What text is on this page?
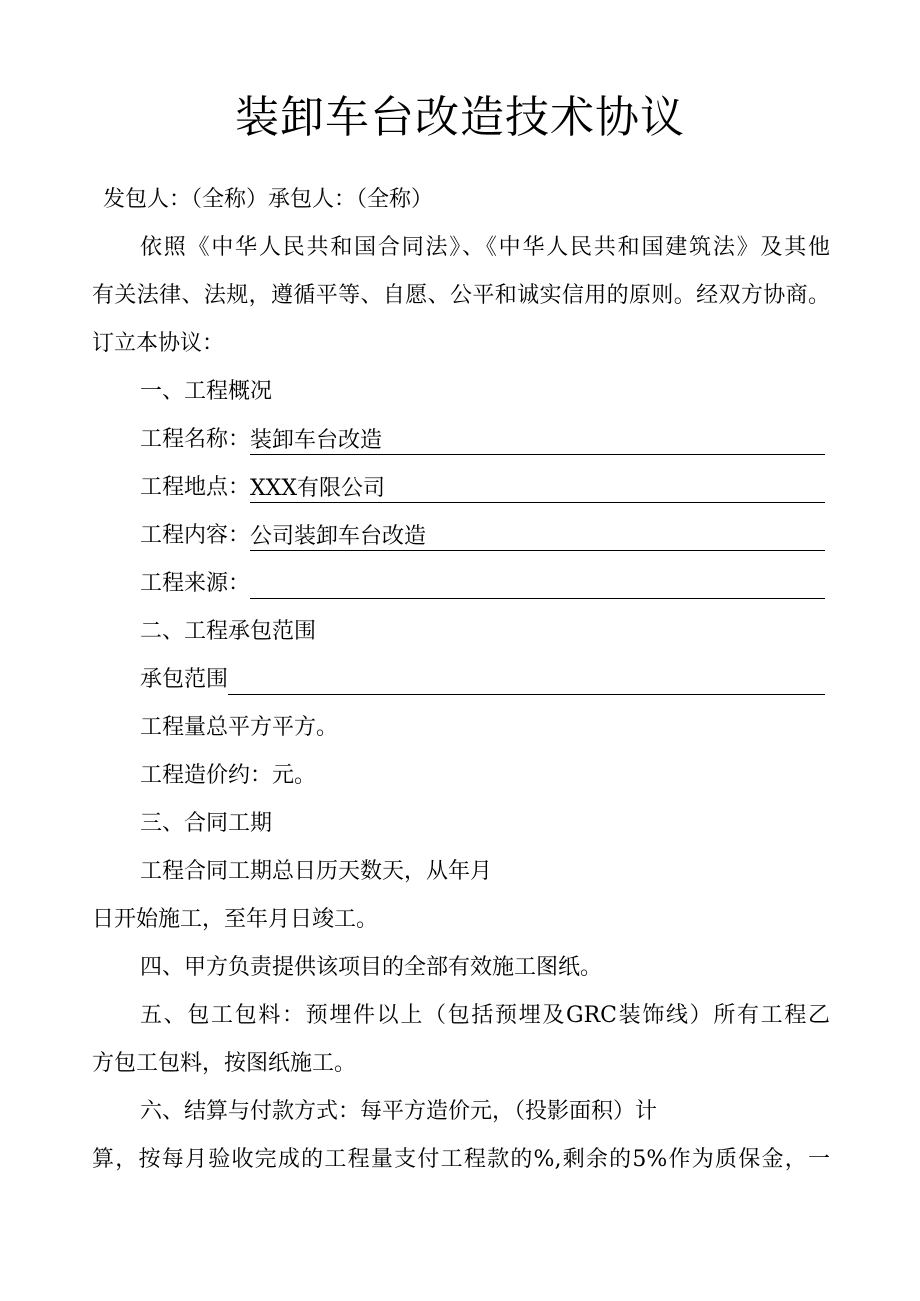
装卸车台改造技术协议
发包人：（全称）承包人：（全称）
依照《中华人民共和国合同法》、《中华人民共和国建筑法》及其他
有关法律、法规，遵循平等、自愿、公平和诚实信用的原则。经双方协商。
订立本协议：
一、工程概况
工程名称： 装卸车台改造
工程地点： XXX有限公司
工程内容： 公司装卸车台改造
工程来源：
二、工程承包范围
承包范围
工程量总平方平方。
工程造价约：元。
三、合同工期
工程合同工期总日历天数天，从年月
日开始施工，至年月日竣工。
四、甲方负责提供该项目的全部有效施工图纸。
五、包工包料：预埋件以上（包括预埋及GRC装饰线）所有工程乙
方包工包料，按图纸施工。
六、结算与付款方式：每平方造价元，（投影面积）计
算，按每月验收完成的工程量支付工程款的%,剩余的5%作为质保金，一
